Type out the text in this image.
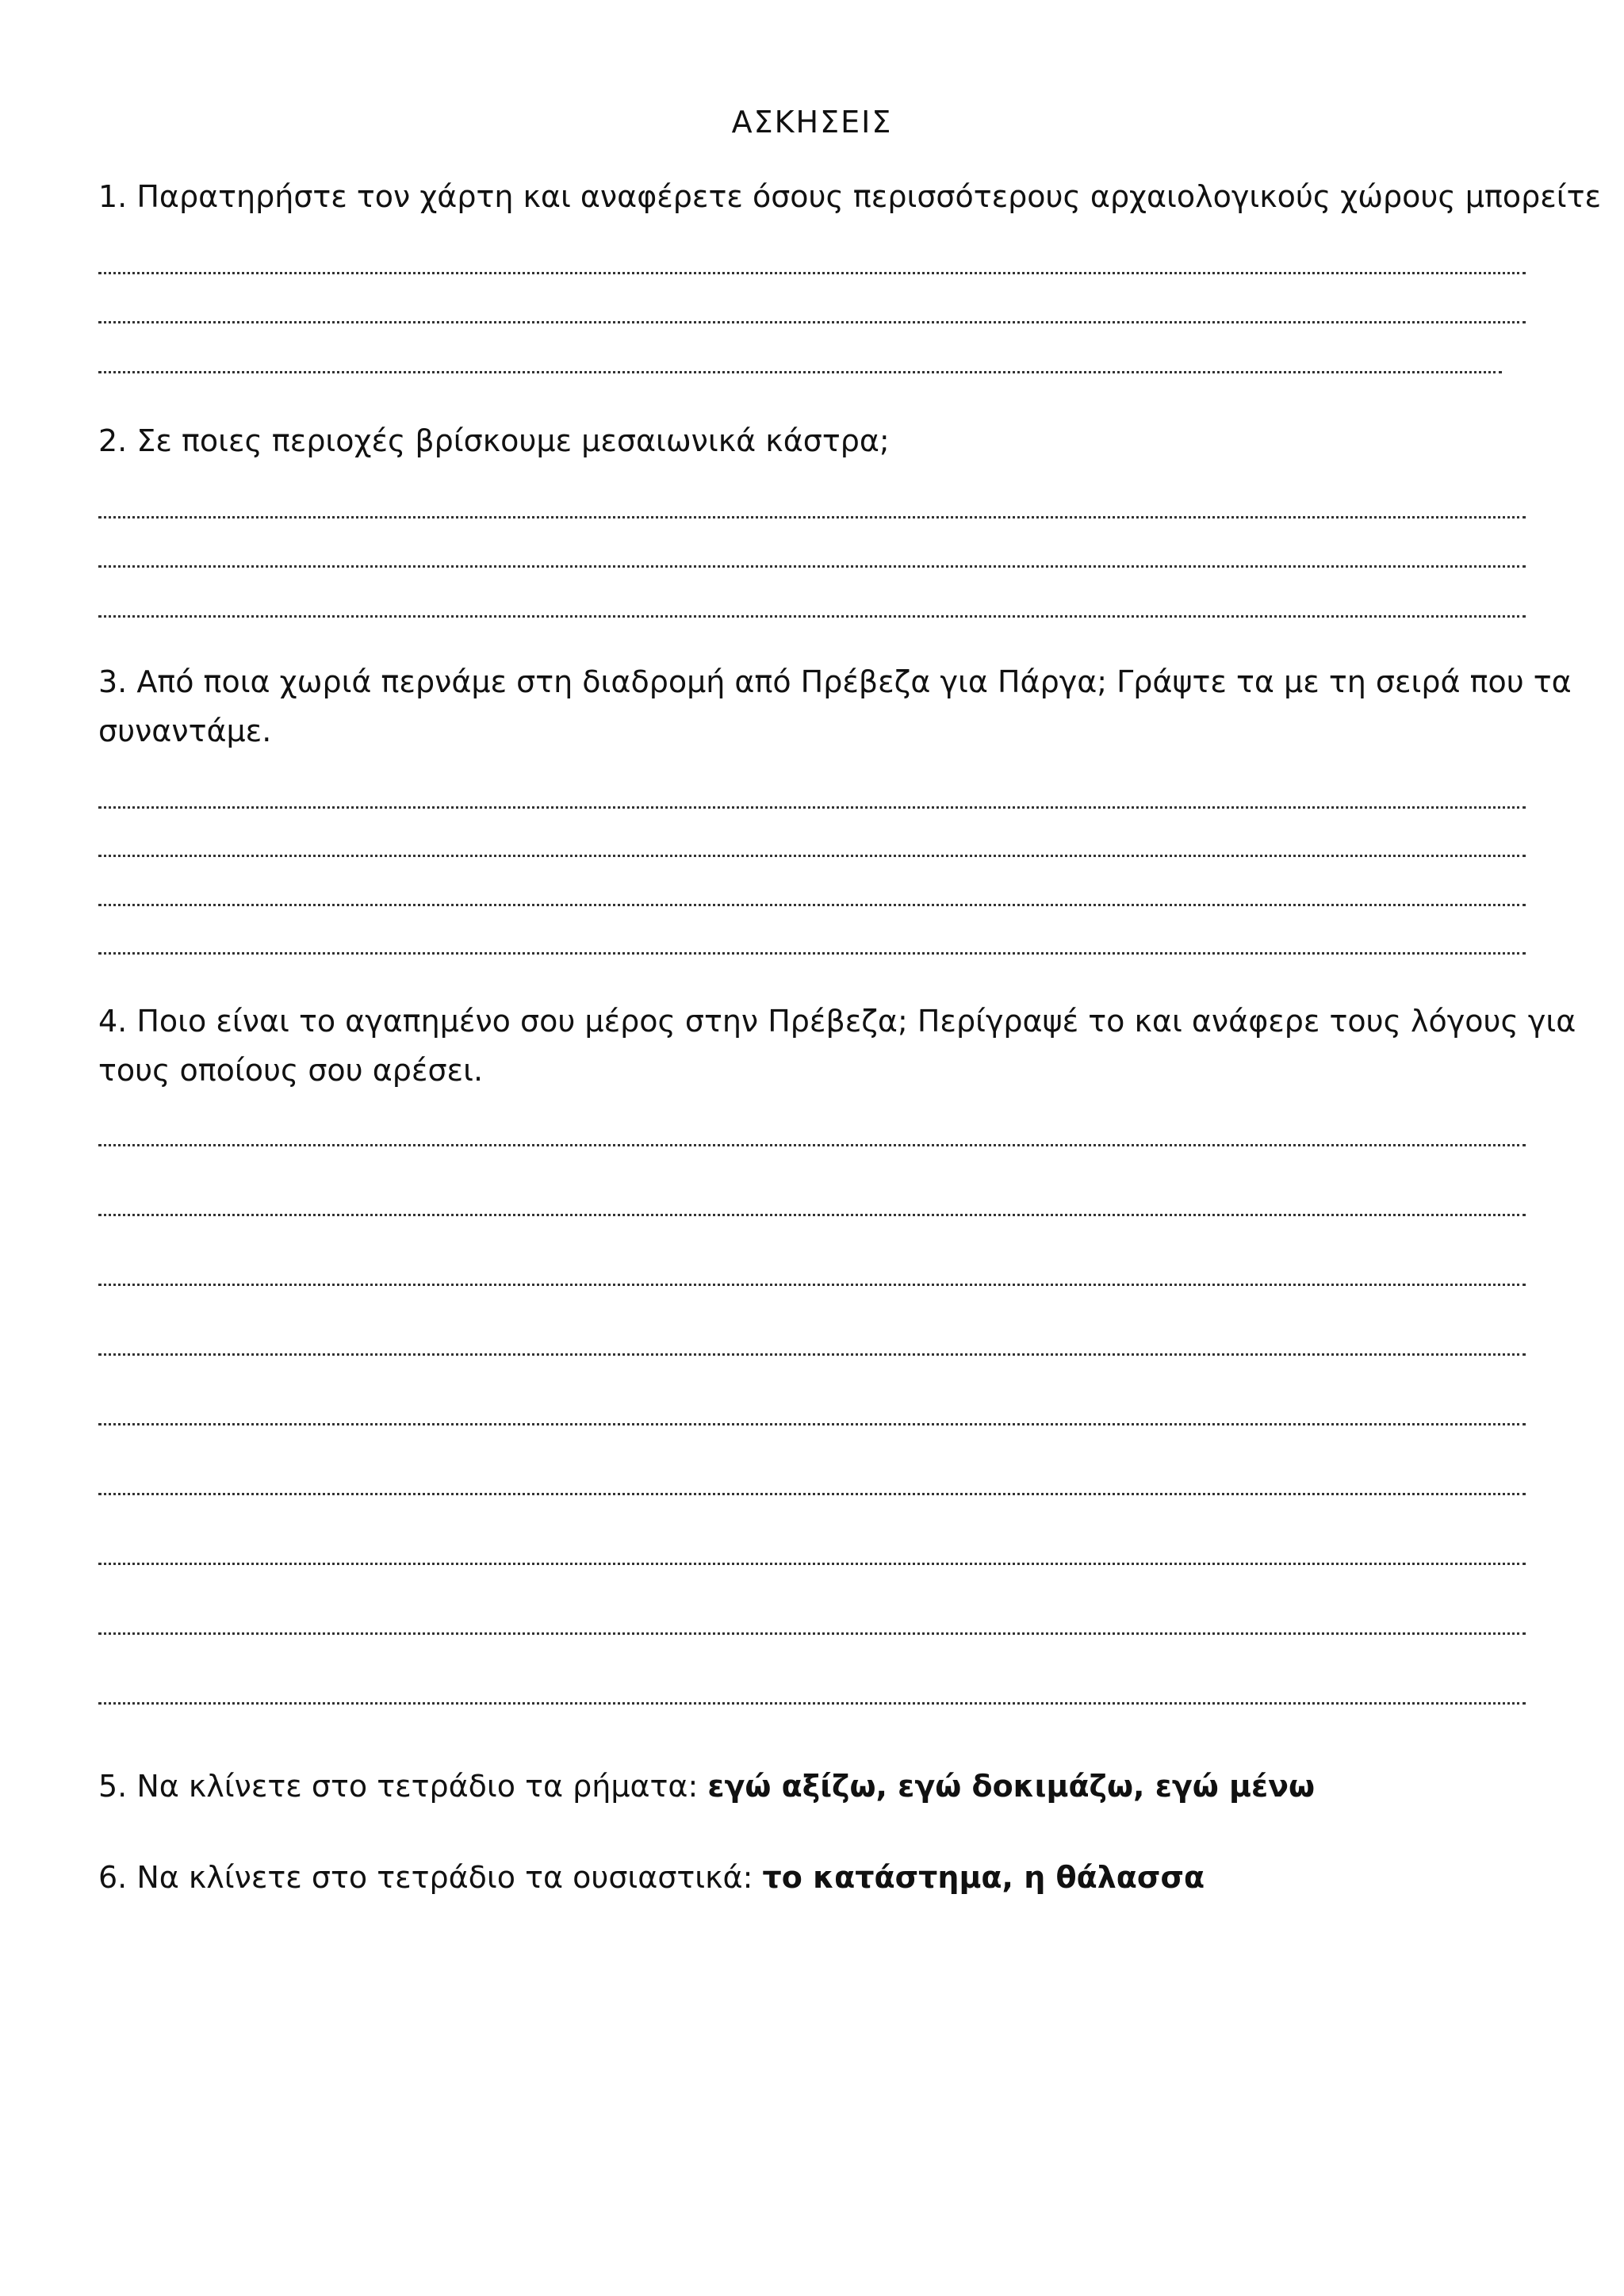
ΑΣΚΗΣΕΙΣ
1. Παρατηρήστε τον χάρτη και αναφέρετε όσους περισσότερους αρχαιολογικούς χώρους μπορείτε
2. Σε ποιες περιοχές βρίσκουμε μεσαιωνικά κάστρα;
3. Από ποια χωριά περνάμε στη διαδρομή από Πρέβεζα για Πάργα; Γράψτε τα με τη σειρά που τα
συναντάμε.
4. Ποιο είναι το αγαπημένο σου μέρος στην Πρέβεζα; Περίγραψέ το και ανάφερε τους λόγους για
τους οποίους σου αρέσει.
5. Να κλίνετε στο τετράδιο τα ρήματα: εγώ αξίζω, εγώ δοκιμάζω, εγώ μένω
6. Να κλίνετε στο τετράδιο τα ουσιαστικά: το κατάστημα, η θάλασσα
